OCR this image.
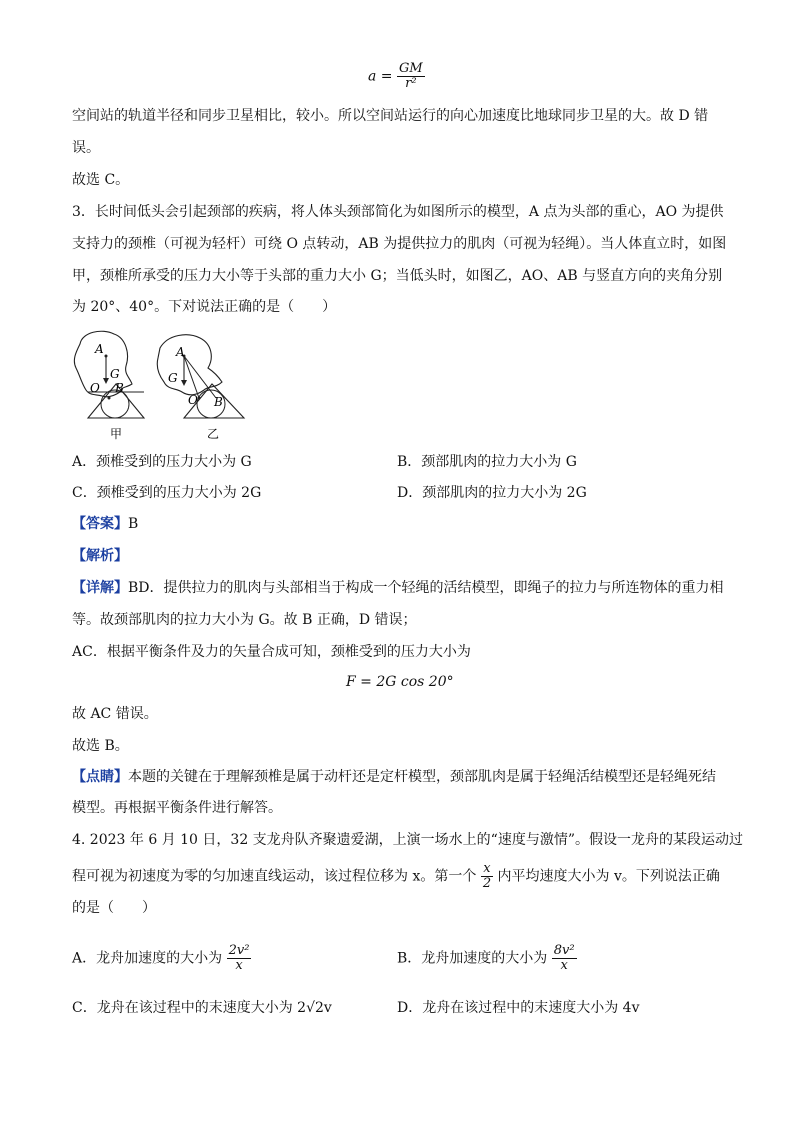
$a = \frac{GM}{\text{r²}}$
空间站的轨道半径和同步卫星相比，较小。所以空间站运行的向心加速度比地球同步卫星的大。故 D 错
误。
故选 C。
3．长时间低头会引起颈部的疾病，将人体头颈部简化为如图所示的模型，A 点为头部的重心，AO 为提供
支持力的颈椎（可视为轻杆）可绕 O 点转动，AB 为提供拉力的肌肉（可视为轻绳）。当人体直立时，如图
甲，颈椎所承受的压力大小等于头部的重力大小 G；当低头时，如图乙，AO、AB 与竖直方向的夹角分别
为 20°、40°。下对说法正确的是（　　）
A
G
O B
甲
A
G
O B
乙
A．颈椎受到的压力大小为 G	B．颈部肌肉的拉力大小为 G
C．颈椎受到的压力大小为 2G	D．颈部肌肉的拉力大小为 2G
【答案】B
【解析】
【详解】BD．提供拉力的肌肉与头部相当于构成一个轻绳的活结模型，即绳子的拉力与所连物体的重力相
等。故颈部肌肉的拉力大小为 G。故 B 正确，D 错误；
AC．根据平衡条件及力的矢量合成可知，颈椎受到的压力大小为
F = 2G cos 20°
故 AC 错误。
故选 B。
【点睛】本题的关键在于理解颈椎是属于动杆还是定杆模型，颈部肌肉是属于轻绳活结模型还是轻绳死结
模型。再根据平衡条件进行解答。
4. 2023 年 6 月 10 日，32 支龙舟队齐聚遗爱湖，上演一场水上的“速度与激情”。假设一龙舟的某段运动过
程可视为初速度为零的匀加速直线运动，该过程位移为 x。第一个 $\frac{x}{2}$ 内平均速度大小为 v。下列说法正确
的是（　　）
A．龙舟加速度的大小为 $\frac{\text{2v²}}{x}$	B．龙舟加速度的大小为 $\frac{\text{8v²}}{x}$
C．龙舟在该过程中的末速度大小为 2√2v	D．龙舟在该过程中的末速度大小为 4v
